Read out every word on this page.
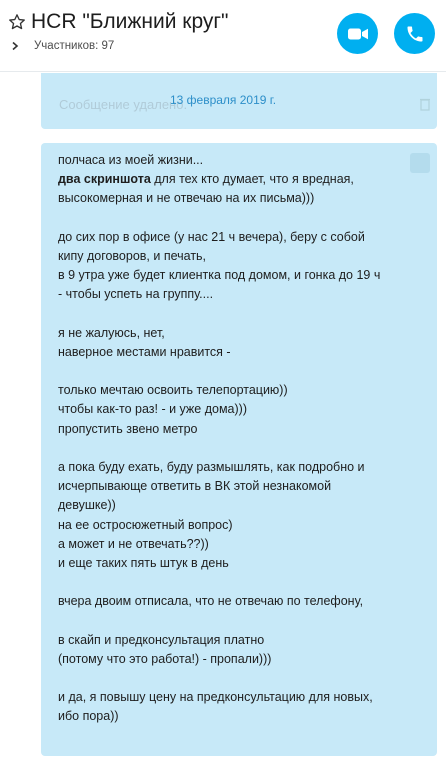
HCR "Ближний круг"
Участников: 97
Сообщение удалено.
13 февраля 2019 г.
полчаса из моей жизни...
два скриншота для тех кто думает, что я вредная,
высокомерная и не отвечаю на их письма)))
до сих пор в офисе (у нас 21 ч вечера), беру с собой
кипу договоров, и печать,
в 9 утра уже будет клиентка под домом, и гонка до 19 ч
- чтобы успеть на группу....
я не жалуюсь, нет,
наверное местами нравится -
только мечтаю освоить телепортацию))
чтобы как-то раз! - и уже дома)))
пропустить звено метро
а пока буду ехать, буду размышлять, как подробно и
исчерпывающе ответить в ВК этой незнакомой
девушке))
на ее остросюжетный вопрос)
а может и не отвечать??))
и еще таких пять штук в день
вчера двоим отписала, что не отвечаю по телефону,
в скайп и предконсультация платно
(потому что это работа!) - пропали)))
и да, я повышу цену на предконсультацию для новых,
ибо пора))
